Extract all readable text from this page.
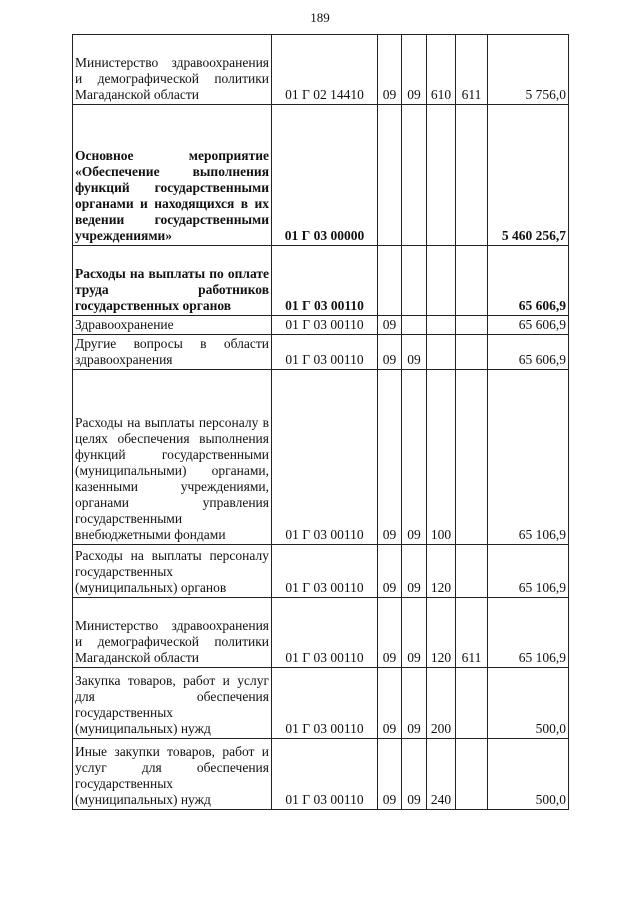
189
Министерство здравоохранения и демографической политики Магаданской области	01 Г 02 14410	09	09	610	611	5 756,0
Основное мероприятие «Обеспечение выполнения функций государственными органами и находящихся в их ведении государственными учреждениями»	01 Г 03 00000					5 460 256,7
Расходы на выплаты по оплате труда работников государственных органов	01 Г 03 00110					65 606,9
Здравоохранение	01 Г 03 00110	09				65 606,9
Другие вопросы в области здравоохранения	01 Г 03 00110	09	09			65 606,9
Расходы на выплаты персоналу в целях обеспечения выполнения функций государственными (муниципальными) органами, казенными учреждениями, органами управления государственными внебюджетными фондами	01 Г 03 00110	09	09	100		65 106,9
Расходы на выплаты персоналу государственных (муниципальных) органов	01 Г 03 00110	09	09	120		65 106,9
Министерство здравоохранения и демографической политики Магаданской области	01 Г 03 00110	09	09	120	611	65 106,9
Закупка товаров, работ и услуг для обеспечения государственных (муниципальных) нужд	01 Г 03 00110	09	09	200		500,0
Иные закупки товаров, работ и услуг для обеспечения государственных (муниципальных) нужд	01 Г 03 00110	09	09	240		500,0
